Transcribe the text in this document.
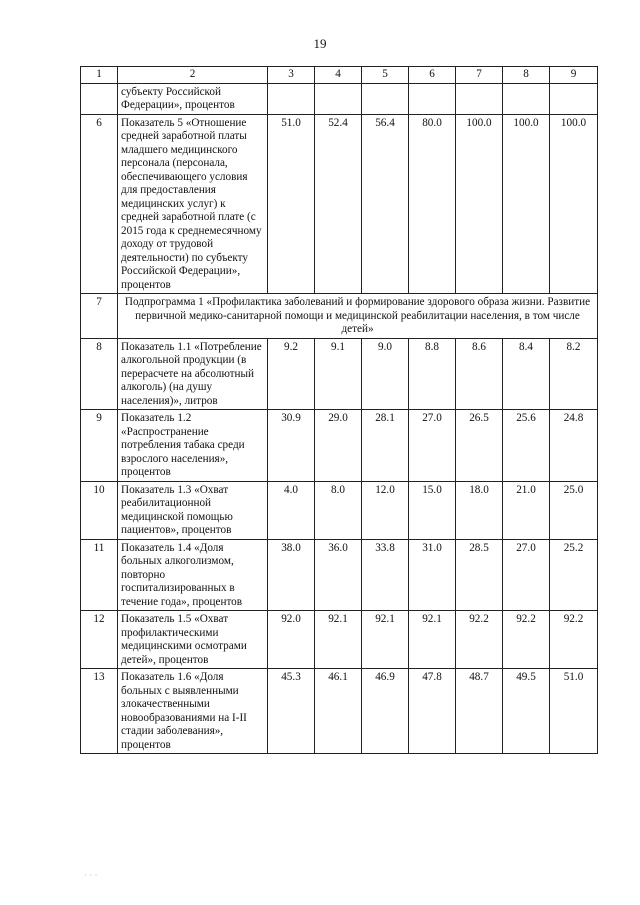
19
1	2	3	4	5	6	7	8	9
	субъекту Российской Федерации», процентов							
6	Показатель 5 «Отношение средней заработной платы младшего медицинского персонала (персонала, обеспечивающего условия для предоставления медицинских услуг) к средней заработной плате (с 2015 года к среднемесячному доходу от трудовой деятельности) по субъекту Российской Федерации», процентов	51.0	52.4	56.4	80.0	100.0	100.0	100.0
7	Подпрограмма 1 «Профилактика заболеваний и формирование здорового образа жизни. Развитие первичной медико-санитарной помощи и медицинской реабилитации населения, в том числе детей»							
8	Показатель 1.1 «Потребление алкогольной продукции (в перерасчете на абсолютный алкоголь) (на душу населения)», литров	9.2	9.1	9.0	8.8	8.6	8.4	8.2
9	Показатель 1.2 «Распространение потребления табака среди взрослого населения», процентов	30.9	29.0	28.1	27.0	26.5	25.6	24.8
10	Показатель 1.3 «Охват реабилитационной медицинской помощью пациентов», процентов	4.0	8.0	12.0	15.0	18.0	21.0	25.0
11	Показатель 1.4 «Доля больных алкоголизмом, повторно госпитализированных в течение года», процентов	38.0	36.0	33.8	31.0	28.5	27.0	25.2
12	Показатель 1.5 «Охват профилактическими медицинскими осмотрами детей», процентов	92.0	92.1	92.1	92.1	92.2	92.2	92.2
13	Показатель 1.6 «Доля больных с выявленными злокачественными новообразованиями на I-II стадии заболевания», процентов	45.3	46.1	46.9	47.8	48.7	49.5	51.0
· · ·
